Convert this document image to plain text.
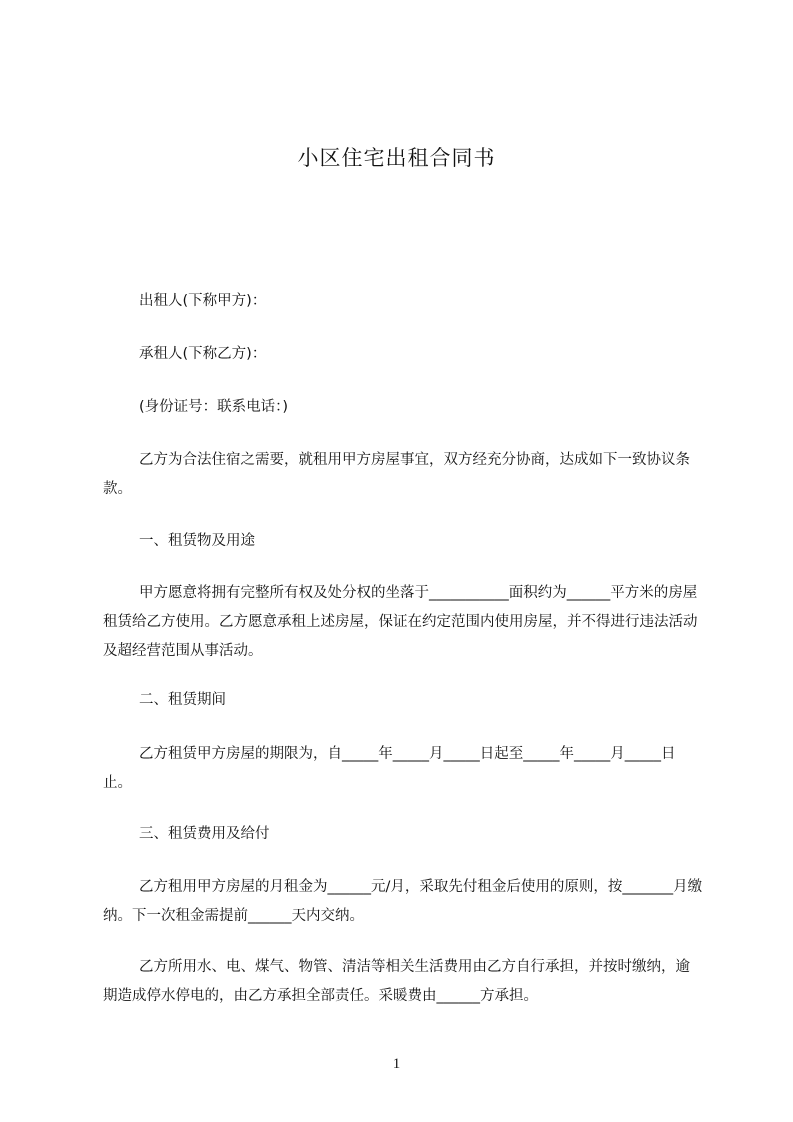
小区住宅出租合同书

出租人(下称甲方)：

承租人(下称乙方)：

(身份证号：联系电话：)

乙方为合法住宿之需要，就租用甲方房屋事宜，双方经充分协商，达成如下一致协议条款。

一、租赁物及用途

甲方愿意将拥有完整所有权及处分权的坐落于___________面积约为______平方米的房屋租赁给乙方使用。乙方愿意承租上述房屋，保证在约定范围内使用房屋，并不得进行违法活动及超经营范围从事活动。

二、租赁期间

乙方租赁甲方房屋的期限为，自_____年_____月_____日起至_____年_____月_____日止。

三、租赁费用及给付

乙方租用甲方房屋的月租金为______元/月，采取先付租金后使用的原则，按_______月缴纳。下一次租金需提前______天内交纳。

乙方所用水、电、煤气、物管、清洁等相关生活费用由乙方自行承担，并按时缴纳，逾期造成停水停电的，由乙方承担全部责任。采暖费由______方承担。

1
